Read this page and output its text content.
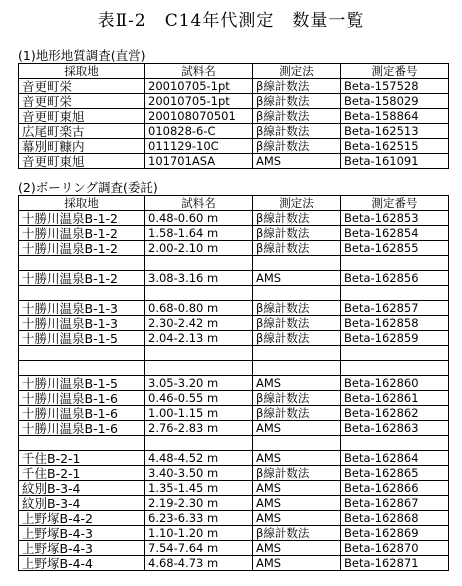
表Ⅱ-2　C14年代測定　数量一覧
(1)地形地質調査(直営)
採取地	試料名	測定法	測定番号
音更町栄	20010705-1pt	β線計数法	Beta-157528
音更町栄	20010705-1pt	β線計数法	Beta-158029
音更町東旭	200108070501	β線計数法	Beta-158864
広尾町楽古	010828-6-C	β線計数法	Beta-162513
幕別町糠内	011129-10C	β線計数法	Beta-162515
音更町東旭	101701ASA	AMS	Beta-161091
(2)ボーリング調査(委託)
採取地	試料名	測定法	測定番号
十勝川温泉B-1-2	0.48-0.60 m	β線計数法	Beta-162853
十勝川温泉B-1-2	1.58-1.64 m	β線計数法	Beta-162854
十勝川温泉B-1-2	2.00-2.10 m	β線計数法	Beta-162855

十勝川温泉B-1-2	3.08-3.16 m	AMS	Beta-162856

十勝川温泉B-1-3	0.68-0.80 m	β線計数法	Beta-162857
十勝川温泉B-1-3	2.30-2.42 m	β線計数法	Beta-162858
十勝川温泉B-1-5	2.04-2.13 m	β線計数法	Beta-162859

十勝川温泉B-1-5	3.05-3.20 m	AMS	Beta-162860
十勝川温泉B-1-6	0.46-0.55 m	β線計数法	Beta-162861
十勝川温泉B-1-6	1.00-1.15 m	β線計数法	Beta-162862
十勝川温泉B-1-6	2.76-2.83 m	AMS	Beta-162863

千住B-2-1	4.48-4.52 m	AMS	Beta-162864
千住B-2-1	3.40-3.50 m	β線計数法	Beta-162865
紋別B-3-4	1.35-1.45 m	AMS	Beta-162866
紋別B-3-4	2.19-2.30 m	AMS	Beta-162867
上野塚B-4-2	6.23-6.33 m	AMS	Beta-162868
上野塚B-4-3	1.10-1.20 m	β線計数法	Beta-162869
上野塚B-4-3	7.54-7.64 m	AMS	Beta-162870
上野塚B-4-4	4.68-4.73 m	AMS	Beta-162871
